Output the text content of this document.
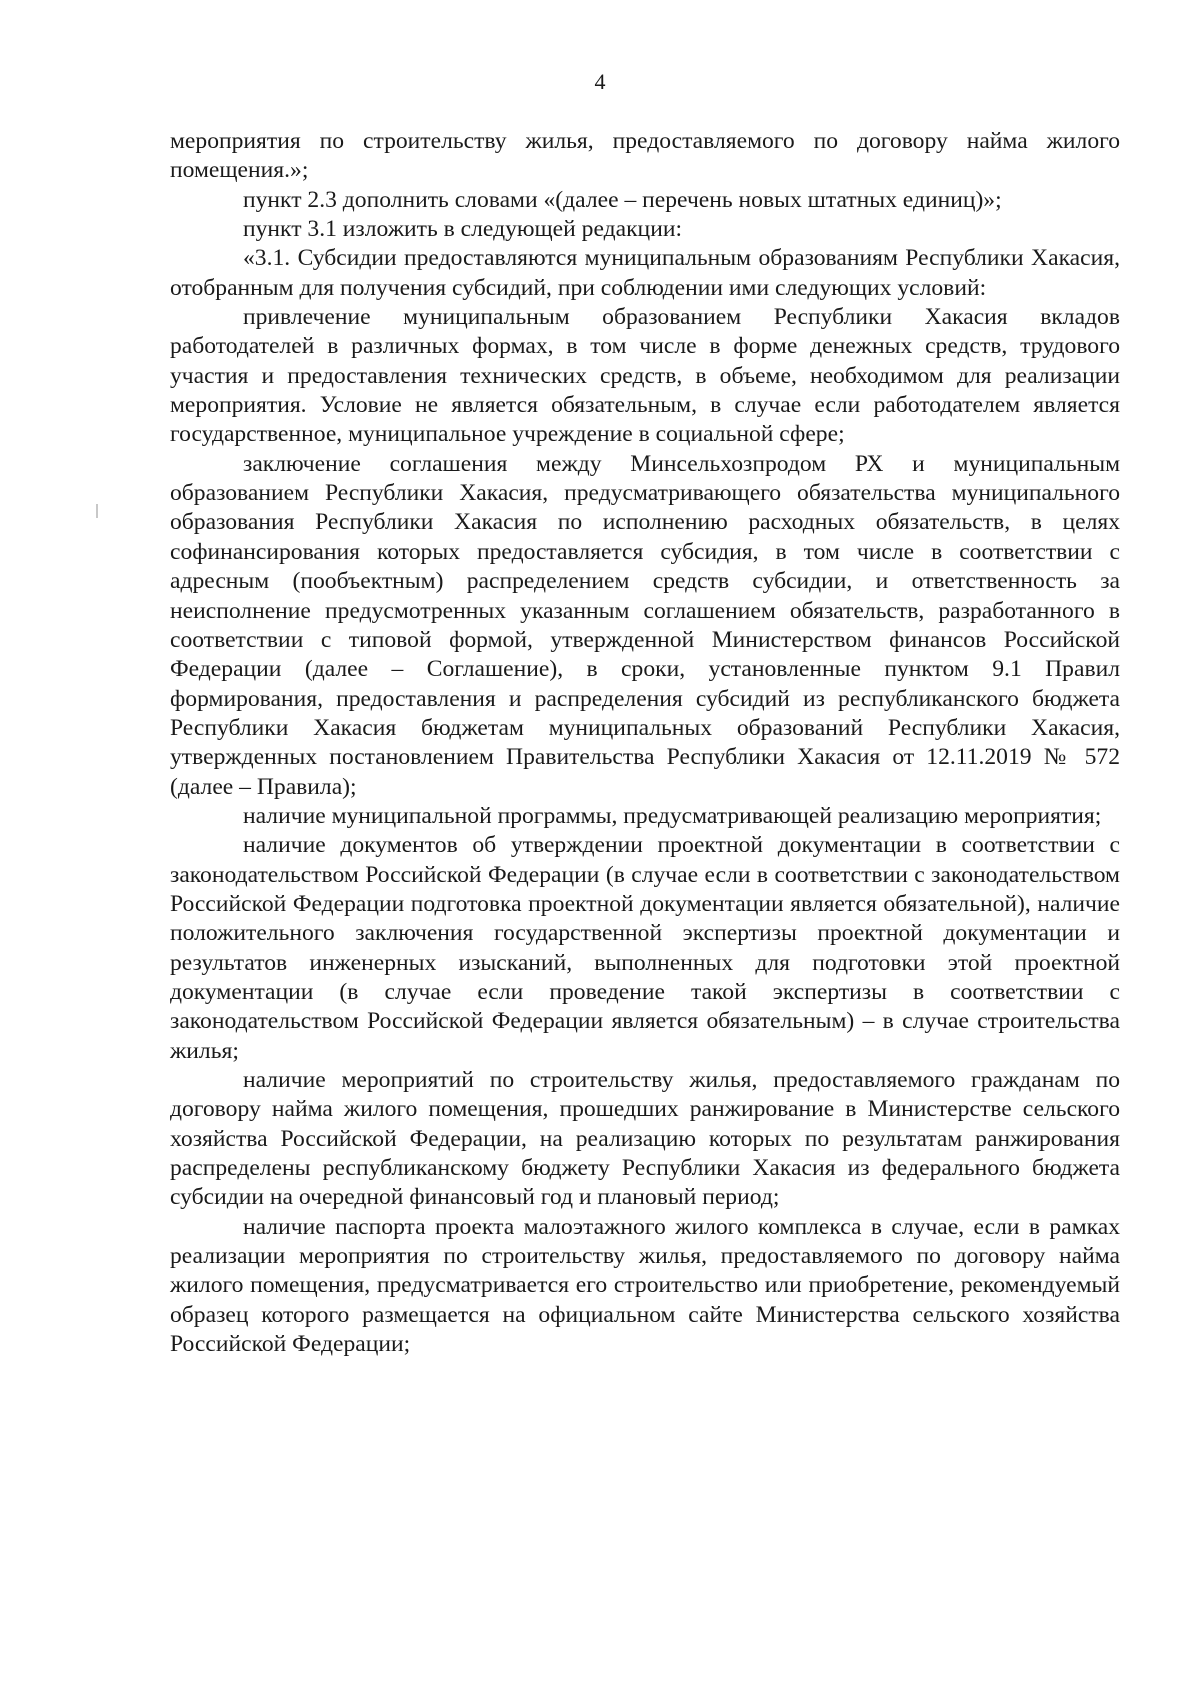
4

мероприятия по строительству жилья, предоставляемого по договору найма жилого помещения.»;

пункт 2.3 дополнить словами «(далее – перечень новых штатных единиц)»;

пункт 3.1 изложить в следующей редакции:

«3.1. Субсидии предоставляются муниципальным образованиям Республики Хакасия, отобранным для получения субсидий, при соблюдении ими следующих условий:

привлечение муниципальным образованием Республики Хакасия вкладов работодателей в различных формах, в том числе в форме денежных средств, трудового участия и предоставления технических средств, в объеме, необходимом для реализации мероприятия. Условие не является обязательным, в случае если работодателем является государственное, муниципальное учреждение в социальной сфере;

заключение соглашения между Минсельхозпродом РХ и муниципальным образованием Республики Хакасия, предусматривающего обязательства муниципального образования Республики Хакасия по исполнению расходных обязательств, в целях софинансирования которых предоставляется субсидия, в том числе в соответствии с адресным (пообъектным) распределением средств субсидии, и ответственность за неисполнение предусмотренных указанным соглашением обязательств, разработанного в соответствии с типовой формой, утвержденной Министерством финансов Российской Федерации (далее – Соглашение), в сроки, установленные пунктом 9.1 Правил формирования, предоставления и распределения субсидий из республиканского бюджета Республики Хакасия бюджетам муниципальных образований Республики Хакасия, утвержденных постановлением Правительства Республики Хакасия от 12.11.2019 № 572 (далее – Правила);

наличие муниципальной программы, предусматривающей реализацию мероприятия;

наличие документов об утверждении проектной документации в соответствии с законодательством Российской Федерации (в случае если в соответствии с законодательством Российской Федерации подготовка проектной документации является обязательной), наличие положительного заключения государственной экспертизы проектной документации и результатов инженерных изысканий, выполненных для подготовки этой проектной документации (в случае если проведение такой экспертизы в соответствии с законодательством Российской Федерации является обязательным) – в случае строительства жилья;

наличие мероприятий по строительству жилья, предоставляемого гражданам по договору найма жилого помещения, прошедших ранжирование в Министерстве сельского хозяйства Российской Федерации, на реализацию которых по результатам ранжирования распределены республиканскому бюджету Республики Хакасия из федерального бюджета субсидии на очередной финансовый год и плановый период;

наличие паспорта проекта малоэтажного жилого комплекса в случае, если в рамках реализации мероприятия по строительству жилья, предоставляемого по договору найма жилого помещения, предусматривается его строительство или приобретение, рекомендуемый образец которого размещается на официальном сайте Министерства сельского хозяйства Российской Федерации;
